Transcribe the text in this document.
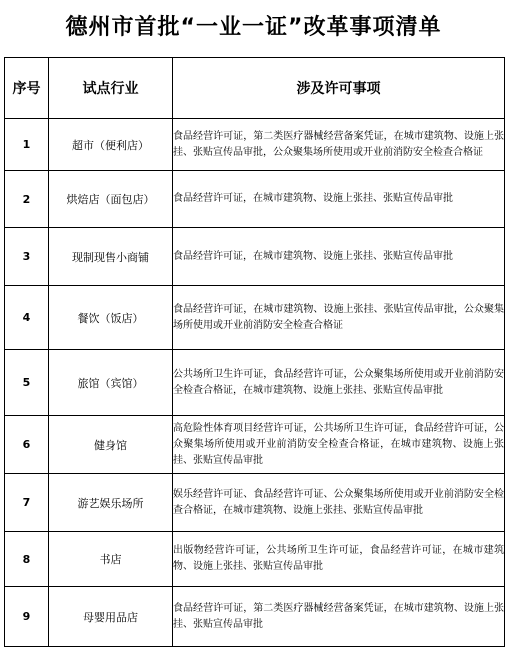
德州市首批“一业一证”改革事项清单
序号	试点行业	涉及许可事项
1	超市（便利店）	食品经营许可证，第二类医疗器械经营备案凭证，在城市建筑物、设施上张挂、张贴宣传品审批，公众聚集场所使用或开业前消防安全检查合格证
2	烘焙店（面包店）	食品经营许可证，在城市建筑物、设施上张挂、张贴宣传品审批
3	现制现售小商铺	食品经营许可证，在城市建筑物、设施上张挂、张贴宣传品审批
4	餐饮（饭店）	食品经营许可证，在城市建筑物、设施上张挂、张贴宣传品审批，公众聚集场所使用或开业前消防安全检查合格证
5	旅馆（宾馆）	公共场所卫生许可证，食品经营许可证，公众聚集场所使用或开业前消防安全检查合格证，在城市建筑物、设施上张挂、张贴宣传品审批
6	健身馆	高危险性体育项目经营许可证，公共场所卫生许可证，食品经营许可证，公众聚集场所使用或开业前消防安全检查合格证，在城市建筑物、设施上张挂、张贴宣传品审批
7	游艺娱乐场所	娱乐经营许可证、食品经营许可证、公众聚集场所使用或开业前消防安全检查合格证，在城市建筑物、设施上张挂、张贴宣传品审批
8	书店	出版物经营许可证，公共场所卫生许可证，食品经营许可证，在城市建筑物、设施上张挂、张贴宣传品审批
9	母婴用品店	食品经营许可证，第二类医疗器械经营备案凭证，在城市建筑物、设施上张挂、张贴宣传品审批
